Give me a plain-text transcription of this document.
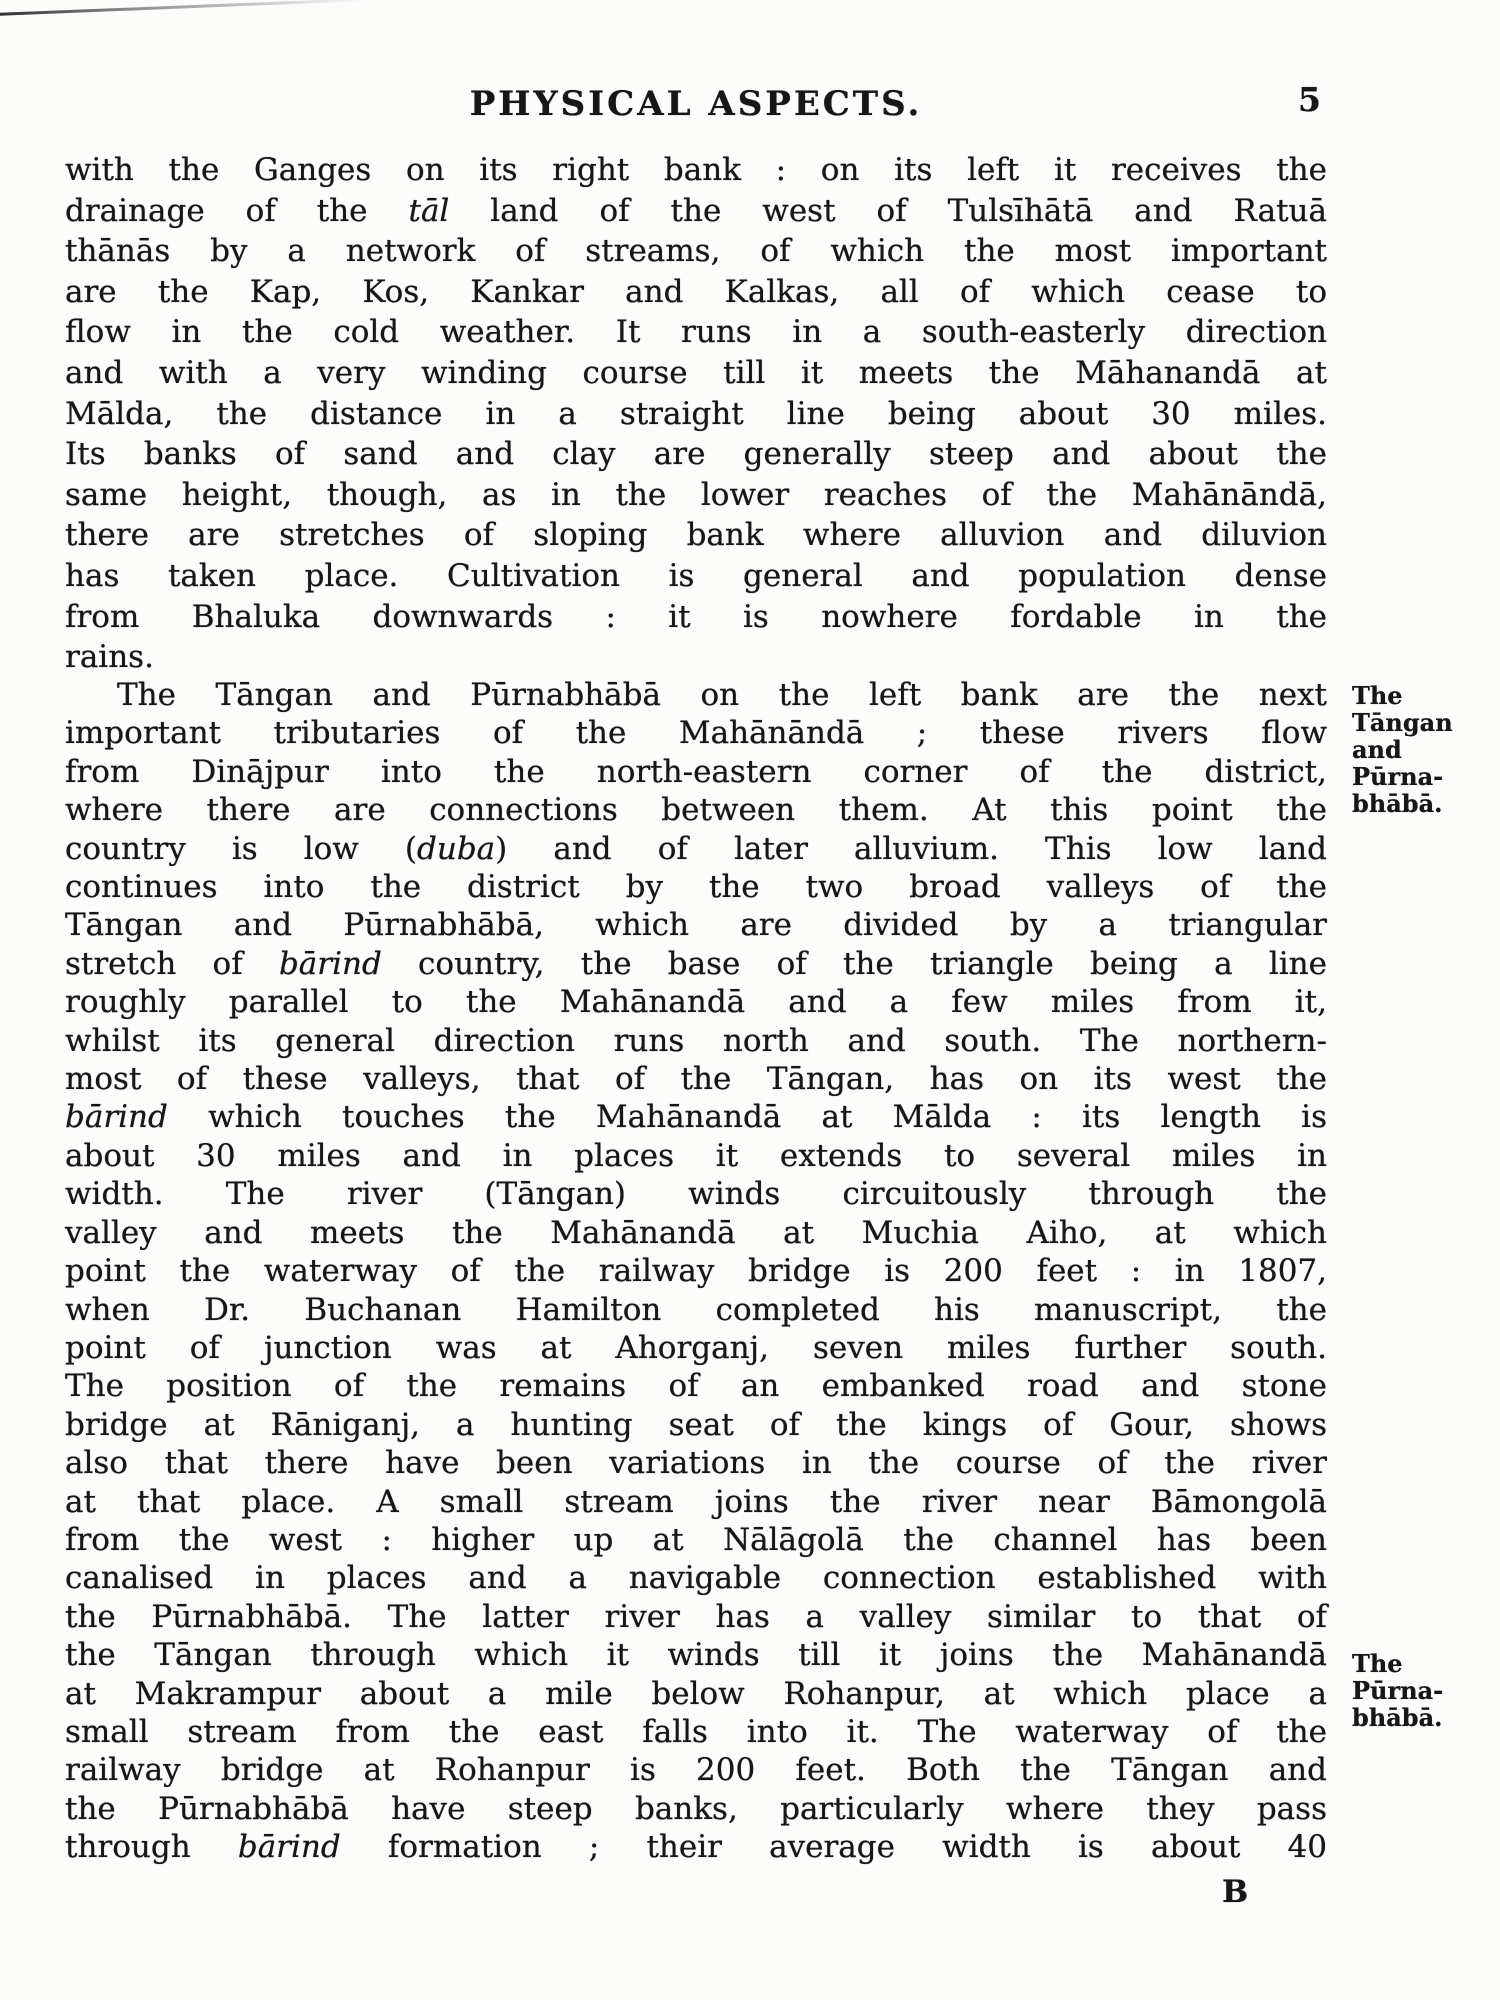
PHYSICAL ASPECTS.	5
with the Ganges on its right bank : on its left it receives the
drainage of the tāl land of the west of Tulsīhātā and Ratuā
thānās by a network of streams, of which the most important
are the Kap, Kos, Kankar and Kalkas, all of which cease to
flow in the cold weather. It runs in a south-easterly direction
and with a very winding course till it meets the Māhanandā at
Mālda, the distance in a straight line being about 30 miles.
Its banks of sand and clay are generally steep and about the
same height, though, as in the lower reaches of the Mahānāndā,
there are stretches of sloping bank where alluvion and diluvion
has taken place. Cultivation is general and population dense
from Bhaluka downwards : it is nowhere fordable in the
rains.
The Tāngan and Pūrnabhābā on the left bank are the next
important tributaries of the Mahānāndā ; these rivers flow
from Dinājpur into the north-eastern corner of the district,
where there are connections between them. At this point the
country is low (duba) and of later alluvium. This low land
continues into the district by the two broad valleys of the
Tāngan and Pūrnabhābā, which are divided by a triangular
stretch of bārind country, the base of the triangle being a line
roughly parallel to the Mahānandā and a few miles from it,
whilst its general direction runs north and south. The northern-
most of these valleys, that of the Tāngan, has on its west the
bārind which touches the Mahānandā at Mālda : its length is
about 30 miles and in places it extends to several miles in
width. The river (Tāngan) winds circuitously through the
valley and meets the Mahānandā at Muchia Aiho, at which
point the waterway of the railway bridge is 200 feet : in 1807,
when Dr. Buchanan Hamilton completed his manuscript, the
point of junction was at Ahorganj, seven miles further south.
The position of the remains of an embanked road and stone
bridge at Rāniganj, a hunting seat of the kings of Gour, shows
also that there have been variations in the course of the river
at that place. A small stream joins the river near Bāmongolā
from the west : higher up at Nālāgolā the channel has been
canalised in places and a navigable connection established with
the Pūrnabhābā. The latter river has a valley similar to that of
the Tāngan through which it winds till it joins the Mahānandā
at Makrampur about a mile below Rohanpur, at which place a
small stream from the east falls into it. The waterway of the
railway bridge at Rohanpur is 200 feet. Both the Tāngan and
the Pūrnabhābā have steep banks, particularly where they pass
through bārind formation ; their average width is about 40
The
Tāngan
and
Pūrna-
bhābā.
The
Pūrna-
bhābā.
B
